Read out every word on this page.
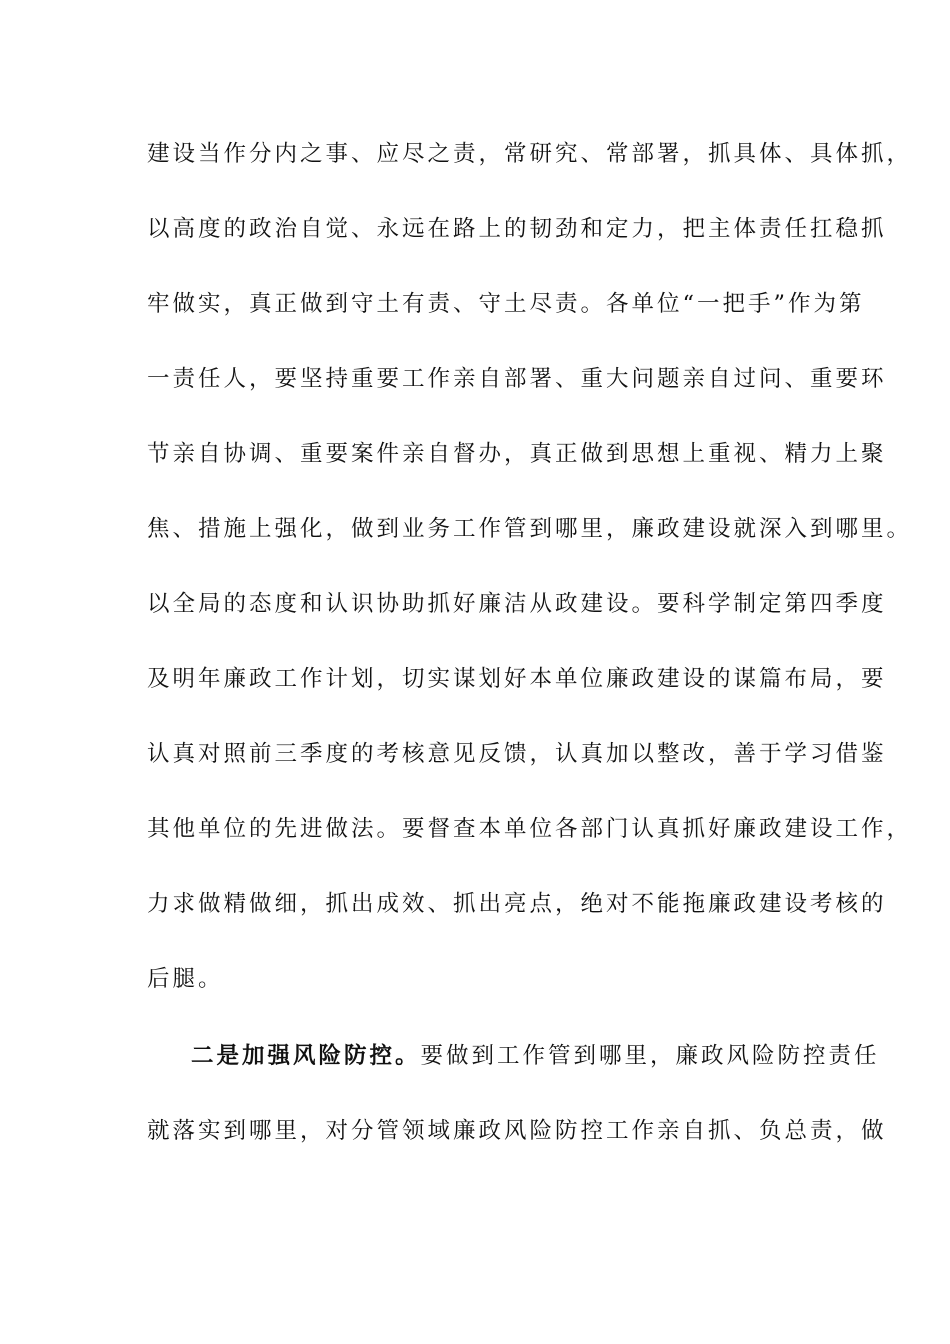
建设当作分内之事、应尽之责，常研究、常部署，抓具体、具体抓，
以高度的政治自觉、永远在路上的韧劲和定力，把主体责任扛稳抓
牢做实，真正做到守土有责、守土尽责。各单位“一把手”作为第
一责任人，要坚持重要工作亲自部署、重大问题亲自过问、重要环
节亲自协调、重要案件亲自督办，真正做到思想上重视、精力上聚
焦、措施上强化，做到业务工作管到哪里，廉政建设就深入到哪里。
以全局的态度和认识协助抓好廉洁从政建设。要科学制定第四季度
及明年廉政工作计划，切实谋划好本单位廉政建设的谋篇布局，要
认真对照前三季度的考核意见反馈，认真加以整改，善于学习借鉴
其他单位的先进做法。要督查本单位各部门认真抓好廉政建设工作，
力求做精做细，抓出成效、抓出亮点，绝对不能拖廉政建设考核的
后腿。
二是加强风险防控。要做到工作管到哪里，廉政风险防控责任
就落实到哪里，对分管领域廉政风险防控工作亲自抓、负总责，做
